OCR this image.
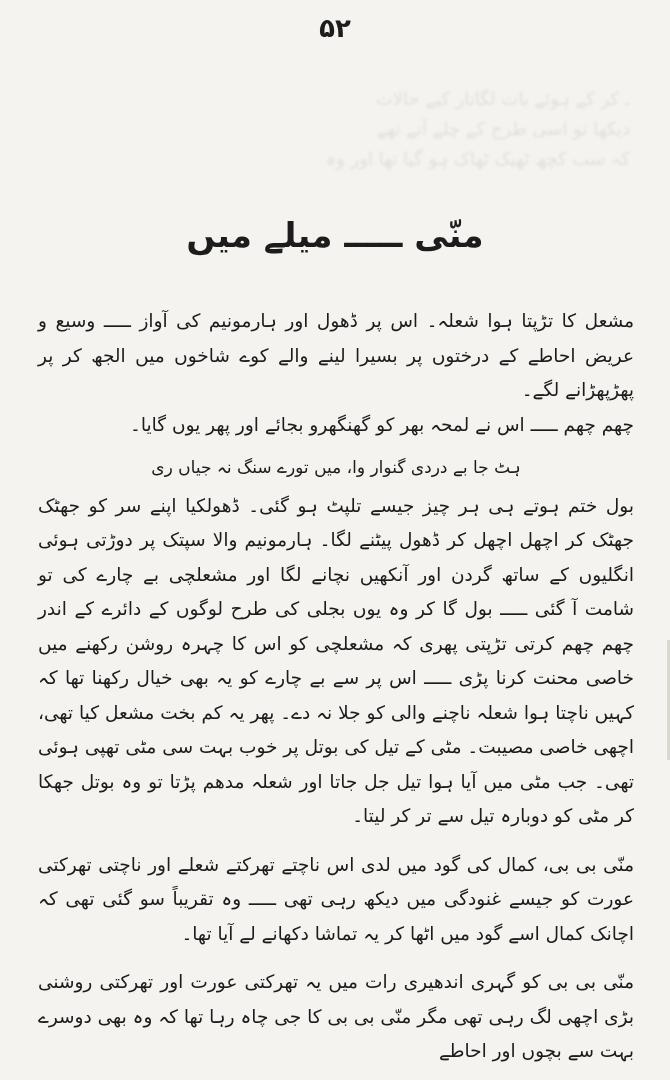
۵۲
ـ کر کے ہوئے بات لگاتار کیے حالات
دیکھا تو اسی طرح کے چلے آتے تھے
کہ سب کچھ ٹھیک ٹھاک ہو گیا تھا اور وہ
منّی ـــــ میلے میں

مشعل کا تڑپتا ہوا شعلہ۔ اس پر ڈھول اور ہارمونیم کی آواز ـــــ وسیع و عریض احاطے کے درختوں پر بسیرا لینے والے کوے شاخوں میں الجھ کر پر پھڑپھڑانے لگے۔

چھم چھم ـــــ اس نے لمحہ بھر کو گھنگھرو بجائے اور پھر یوں گایا۔

ہٹ جا بے دردی گنوار وا، میں تورے سنگ نہ جیاں ری

بول ختم ہوتے ہی ہر چیز جیسے تلپٹ ہو گئی۔ ڈھولکیا اپنے سر کو جھٹک جھٹک کر اچھل اچھل کر ڈھول پیٹنے لگا۔ ہارمونیم والا سپتک پر دوڑتی ہوئی انگلیوں کے ساتھ گردن اور آنکھیں نچانے لگا اور مشعلچی بے چارے کی تو شامت آ گئی ـــــ بول گا کر وہ یوں بجلی کی طرح لوگوں کے دائرے کے اندر چھم چھم کرتی تڑپتی پھری کہ مشعلچی کو اس کا چہرہ روشن رکھنے میں خاصی محنت کرنا پڑی ـــــ اس پر سے بے چارے کو یہ بھی خیال رکھنا تھا کہ کہیں ناچتا ہوا شعلہ ناچنے والی کو جلا نہ دے۔ پھر یہ کم بخت مشعل کیا تھی، اچھی خاصی مصیبت۔ مٹی کے تیل کی بوتل پر خوب بہت سی مٹی تھپی ہوئی تھی۔ جب مٹی میں آیا ہوا تیل جل جاتا اور شعلہ مدھم پڑتا تو وہ بوتل جھکا کر مٹی کو دوبارہ تیل سے تر کر لیتا۔

منّی بی بی، کمال کی گود میں لدی اس ناچتے تھرکتے شعلے اور ناچتی تھرکتی عورت کو جیسے غنودگی میں دیکھ رہی تھی ـــــ وہ تقریباً سو گئی تھی کہ اچانک کمال اسے گود میں اٹھا کر یہ تماشا دکھانے لے آیا تھا۔

منّی بی بی کو گہری اندھیری رات میں یہ تھرکتی عورت اور تھرکتی روشنی بڑی اچھی لگ رہی تھی مگر منّی بی بی کا جی چاہ رہا تھا کہ وہ بھی دوسرے بہت سے بچوں اور احاطے
